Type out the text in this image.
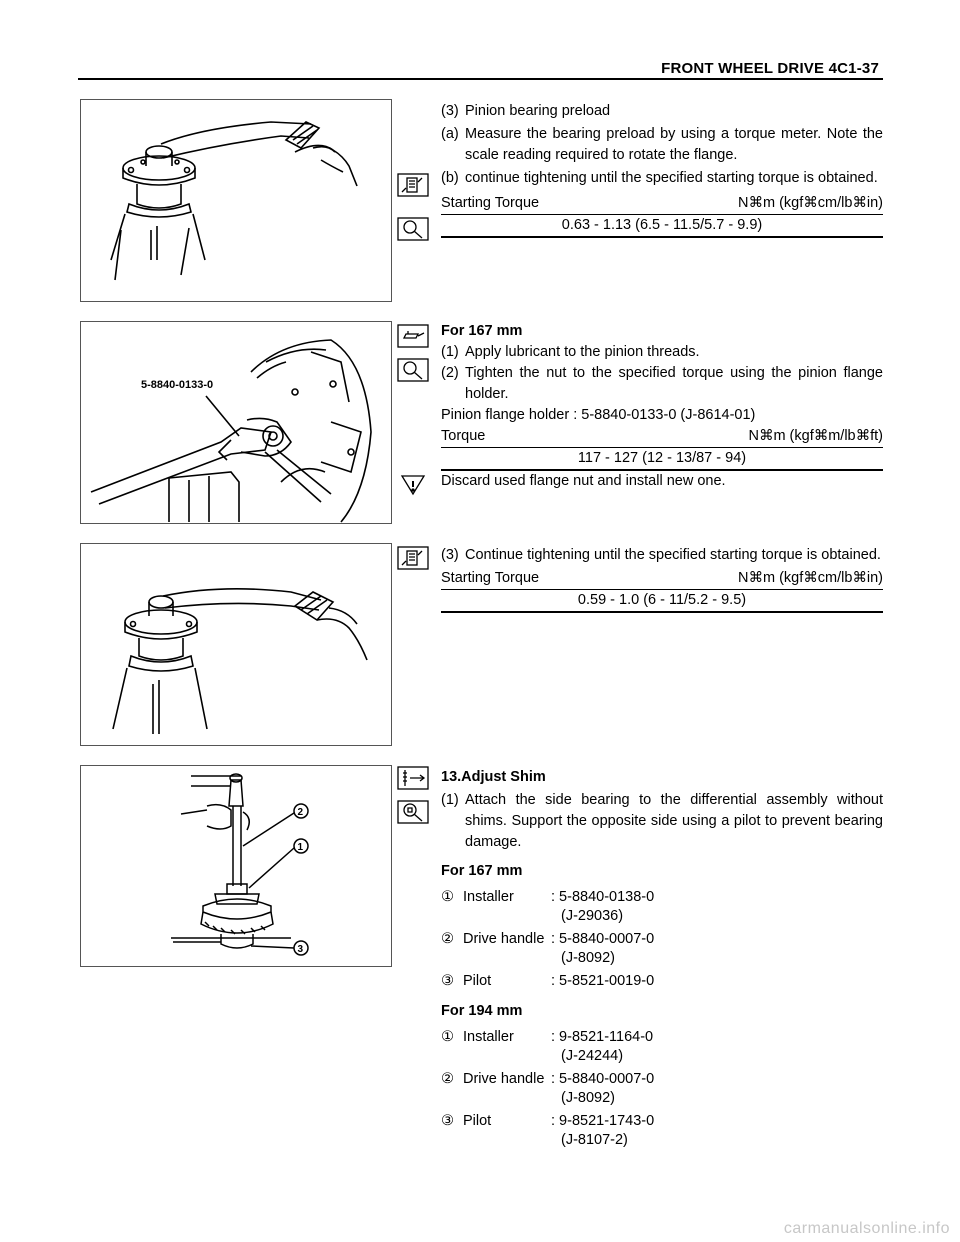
FRONT WHEEL DRIVE 4C1-37
(3) Pinion bearing preload
(a) Measure the bearing preload by using a torque meter. Note the scale reading required to rotate the flange.
(b) continue tightening until the specified starting torque is obtained.
Starting Torque	N⌘m (kgf⌘cm/lb⌘in)
0.63 - 1.13 (6.5 - 11.5/5.7 - 9.9)
5-8840-0133-0

For 167 mm

(1) Apply lubricant to the pinion threads.
(2) Tighten the nut to the specified torque using the pinion flange holder.

Pinion flange holder : 5-8840-0133-0 (J-8614-01)

Torque	N⌘m (kgf⌘m/lb⌘ft)
117 - 127 (12 - 13/87 - 94)

Discard used flange nut and install new one.

(3) Continue tightening until the specified starting torque is obtained.
Starting Torque	N⌘m (kgf⌘cm/lb⌘in)
0.59 - 1.0 (6 - 11/5.2 - 9.5)
2
1
3

13.Adjust Shim

(1) Attach the side bearing to the differential assembly without shims. Support the opposite side using a pilot to prevent bearing damage.

For 167 mm

① Installer	: 5-8840-0138-0
(J-29036)
② Drive handle : 5-8840-0007-0
(J-8092)
③ Pilot	: 5-8521-0019-0

For 194 mm

① Installer	: 9-8521-1164-0
(J-24244)
② Drive handle : 5-8840-0007-0
(J-8092)
③ Pilot	: 9-8521-1743-0
(J-8107-2)
carmanualsonline.info
